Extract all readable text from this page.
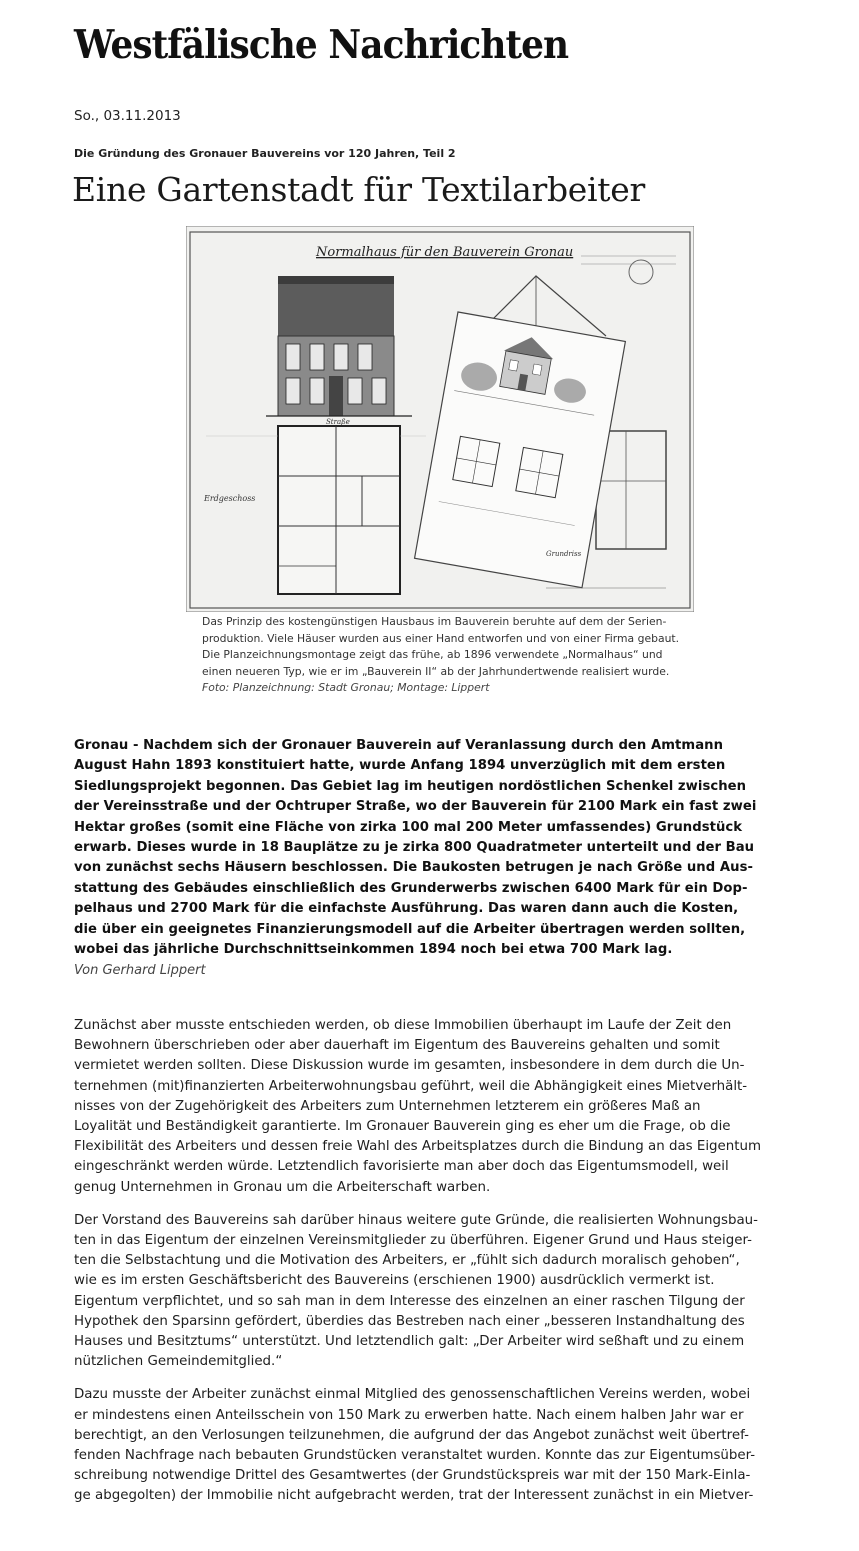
Westfälische Nachrichten
So., 03.11.2013
Die Gründung des Gronauer Bauvereins vor 120 Jahren, Teil 2
Eine Gartenstadt für Textilarbeiter
Normalhaus für den Bauverein Gronau
Straße
Erdgeschoss
Grundriss
Das Prinzip des kostengünstigen Hausbaus im Bauverein beruhte auf dem der Serien-
produktion. Viele Häuser wurden aus einer Hand entworfen und von einer Firma gebaut.
Die Planzeichnungsmontage zeigt das frühe, ab 1896 verwendete „Normalhaus“ und
einen neueren Typ, wie er im „Bauverein II“ ab der Jahrhundertwende realisiert wurde.
Foto: Planzeichnung: Stadt Gronau; Montage: Lippert
Gronau - Nachdem sich der Gronauer Bauverein auf Veranlassung durch den Amtmann
August Hahn 1893 konstituiert hatte, wurde Anfang 1894 unverzüglich mit dem ersten
Siedlungsprojekt begonnen. Das Gebiet lag im heutigen nordöstlichen Schenkel zwischen
der Vereinsstraße und der Ochtruper Straße, wo der Bauverein für 2100 Mark ein fast zwei
Hektar großes (somit eine Fläche von zirka 100 mal 200 Meter umfassendes) Grundstück
erwarb. Dieses wurde in 18 Bauplätze zu je zirka 800 Quadratmeter unterteilt und der Bau
von zunächst sechs Häusern beschlossen. Die Baukosten betrugen je nach Größe und Aus-
stattung des Gebäudes einschließlich des Grunderwerbs zwischen 6400 Mark für ein Dop-
pelhaus und 2700 Mark für die einfachste Ausführung. Das waren dann auch die Kosten,
die über ein geeignetes Finanzierungsmodell auf die Arbeiter übertragen werden sollten,
wobei das jährliche Durchschnittseinkommen 1894 noch bei etwa 700 Mark lag.
Von Gerhard Lippert
Zunächst aber musste entschieden werden, ob diese Immobilien überhaupt im Laufe der Zeit den
Bewohnern überschrieben oder aber dauerhaft im Eigentum des Bauvereins gehalten und somit
vermietet werden sollten. Diese Diskussion wurde im gesamten, insbesondere in dem durch die Un-
ternehmen (mit)finanzierten Arbeiterwohnungsbau geführt, weil die Abhängigkeit eines Mietverhält-
nisses von der Zugehörigkeit des Arbeiters zum Unternehmen letzterem ein größeres Maß an
Loyalität und Beständigkeit garantierte. Im Gronauer Bauverein ging es eher um die Frage, ob die
Flexibilität des Arbeiters und dessen freie Wahl des Arbeitsplatzes durch die Bindung an das Eigentum
eingeschränkt werden würde. Letztendlich favorisierte man aber doch das Eigentumsmodell, weil
genug Unternehmen in Gronau um die Arbeiterschaft warben.
Der Vorstand des Bauvereins sah darüber hinaus weitere gute Gründe, die realisierten Wohnungsbau-
ten in das Eigentum der einzelnen Vereinsmitglieder zu überführen. Eigener Grund und Haus steiger-
ten die Selbstachtung und die Motivation des Arbeiters, er „fühlt sich dadurch moralisch gehoben“,
wie es im ersten Geschäftsbericht des Bauvereins (erschienen 1900) ausdrücklich vermerkt ist.
Eigentum verpflichtet, und so sah man in dem Interesse des einzelnen an einer raschen Tilgung der
Hypothek den Sparsinn gefördert, überdies das Bestreben nach einer „besseren Instandhaltung des
Hauses und Besitztums“ unterstützt. Und letztendlich galt: „Der Arbeiter wird seßhaft und zu einem
nützlichen Gemeindemitglied.“
Dazu musste der Arbeiter zunächst einmal Mitglied des genossenschaftlichen Vereins werden, wobei
er mindestens einen Anteilsschein von 150 Mark zu erwerben hatte. Nach einem halben Jahr war er
berechtigt, an den Verlosungen teilzunehmen, die aufgrund der das Angebot zunächst weit übertref-
fenden Nachfrage nach bebauten Grundstücken veranstaltet wurden. Konnte das zur Eigentumsüber-
schreibung notwendige Drittel des Gesamtwertes (der Grundstückspreis war mit der 150 Mark-Einla-
ge abgegolten) der Immobilie nicht aufgebracht werden, trat der Interessent zunächst in ein Mietver-
